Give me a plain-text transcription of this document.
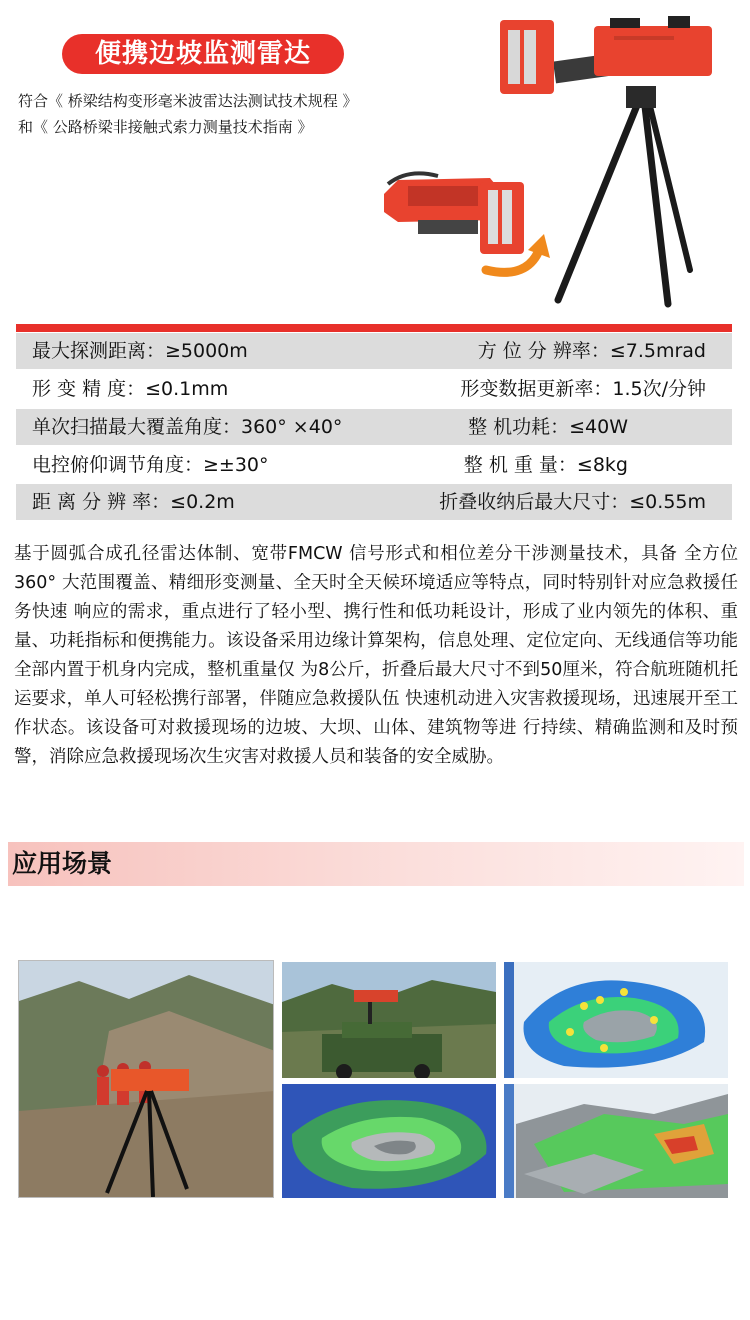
便携边坡监测雷达
符合《 桥梁结构变形毫米波雷达法测试技术规程 》和《 公路桥梁非接触式索力测量技术指南 》
最大探测距离：≥5000m	方 位 分 辨率：≤7.5mrad
形 变 精 度：≤0.1mm	形变数据更新率：1.5次/分钟
单次扫描最大覆盖角度：360° ×40°	整 机功耗：≤40W
电控俯仰调节角度：≥±30°	整 机 重 量：≤8kg
距 离 分 辨 率：≤0.2m	折叠收纳后最大尺寸：≤0.55m
基于圆弧合成孔径雷达体制、宽带FMCW 信号形式和相位差分干涉测量技术，具备 全方位360° 大范围覆盖、精细形变测量、全天时全天候环境适应等特点，同时特别针对应急救援任务快速 响应的需求，重点进行了轻小型、携行性和低功耗设计，形成了业内领先的体积、重量、功耗指标和便携能力。该设备采用边缘计算架构，信息处理、定位定向、无线通信等功能全部内置于机身内完成，整机重量仅 为8公斤，折叠后最大尺寸不到50厘米，符合航班随机托运要求，单人可轻松携行部署，伴随应急救援队伍 快速机动进入灾害救援现场，迅速展开至工作状态。该设备可对救援现场的边坡、大坝、山体、建筑物等进 行持续、精确监测和及时预警，消除应急救援现场次生灾害对救援人员和装备的安全威胁。
应用场景
